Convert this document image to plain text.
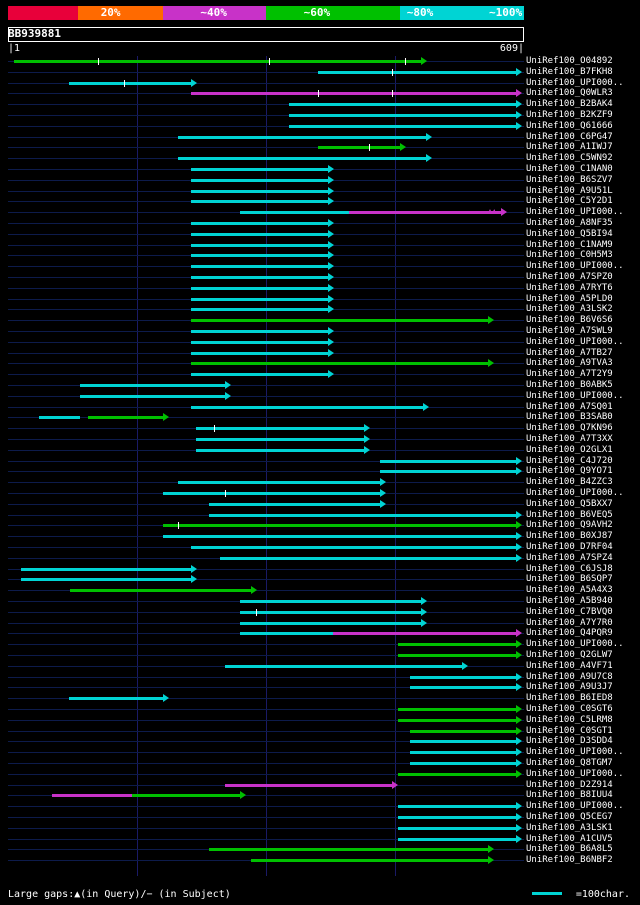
20%	~40%	~60%	~80%	~100%
BB939881
|1	609|
UniRef100_O04892
UniRef100_B7FKH8
UniRef100_UPI000..
UniRef100_Q0WLR3
UniRef100_B2BAK4
UniRef100_B2KZF9
UniRef100_Q61666
UniRef100_C6PG47
UniRef100_A1IWJ7
UniRef100_C5WN92
UniRef100_C1NAN0
UniRef100_B6SZV7
UniRef100_A9U51L
UniRef100_C5Y2D1
▲▲	UniRef100_UPI000..
UniRef100_A8NF35
UniRef100_Q5BI94
UniRef100_C1NAM9
UniRef100_C0H5M3
UniRef100_UPI000..
UniRef100_A7SPZ0
UniRef100_A7RYT6
UniRef100_A5PLD0
UniRef100_A3LSK2
UniRef100_B6V6S6
UniRef100_A7SWL9
UniRef100_UPI000..
UniRef100_A7TB27
UniRef100_A9TVA3
UniRef100_A7T2Y9
UniRef100_B0ABK5
UniRef100_UPI000..
UniRef100_A7SQ01
UniRef100_B3SAB0
UniRef100_Q7KN96
UniRef100_A7T3XX
UniRef100_O2GLX1
UniRef100_C4J720
UniRef100_Q9YO71
UniRef100_B4ZZC3
UniRef100_UPI000..
UniRef100_Q5BXX7
UniRef100_B6VEQ5
UniRef100_Q9AVH2
UniRef100_B0XJ87
UniRef100_D7RF04
UniRef100_A7SPZ4
UniRef100_C6JSJ8
UniRef100_B6SQP7
UniRef100_A5A4X3
UniRef100_A5B940
UniRef100_C7BVQ0
UniRef100_A7Y7R0
UniRef100_Q4PQR9
UniRef100_UPI000..
UniRef100_Q2GLW7
UniRef100_A4VF71
UniRef100_A9U7C8
UniRef100_A9U3J7
UniRef100_B6IED8
UniRef100_C0SGT6
UniRef100_C5LRM8
UniRef100_C0SGT1
UniRef100_D3SDD4
UniRef100_UPI000..
UniRef100_Q8TGM7
UniRef100_UPI000..
UniRef100_D2Z914
UniRef100_B8IUU4
UniRef100_UPI000..
UniRef100_Q5CEG7
UniRef100_A3LSK1
UniRef100_A1CUV5
UniRef100_B6A8L5
UniRef100_B6NBF2
Large gaps:▲(in Query)/− (in Subject)	=100char.
